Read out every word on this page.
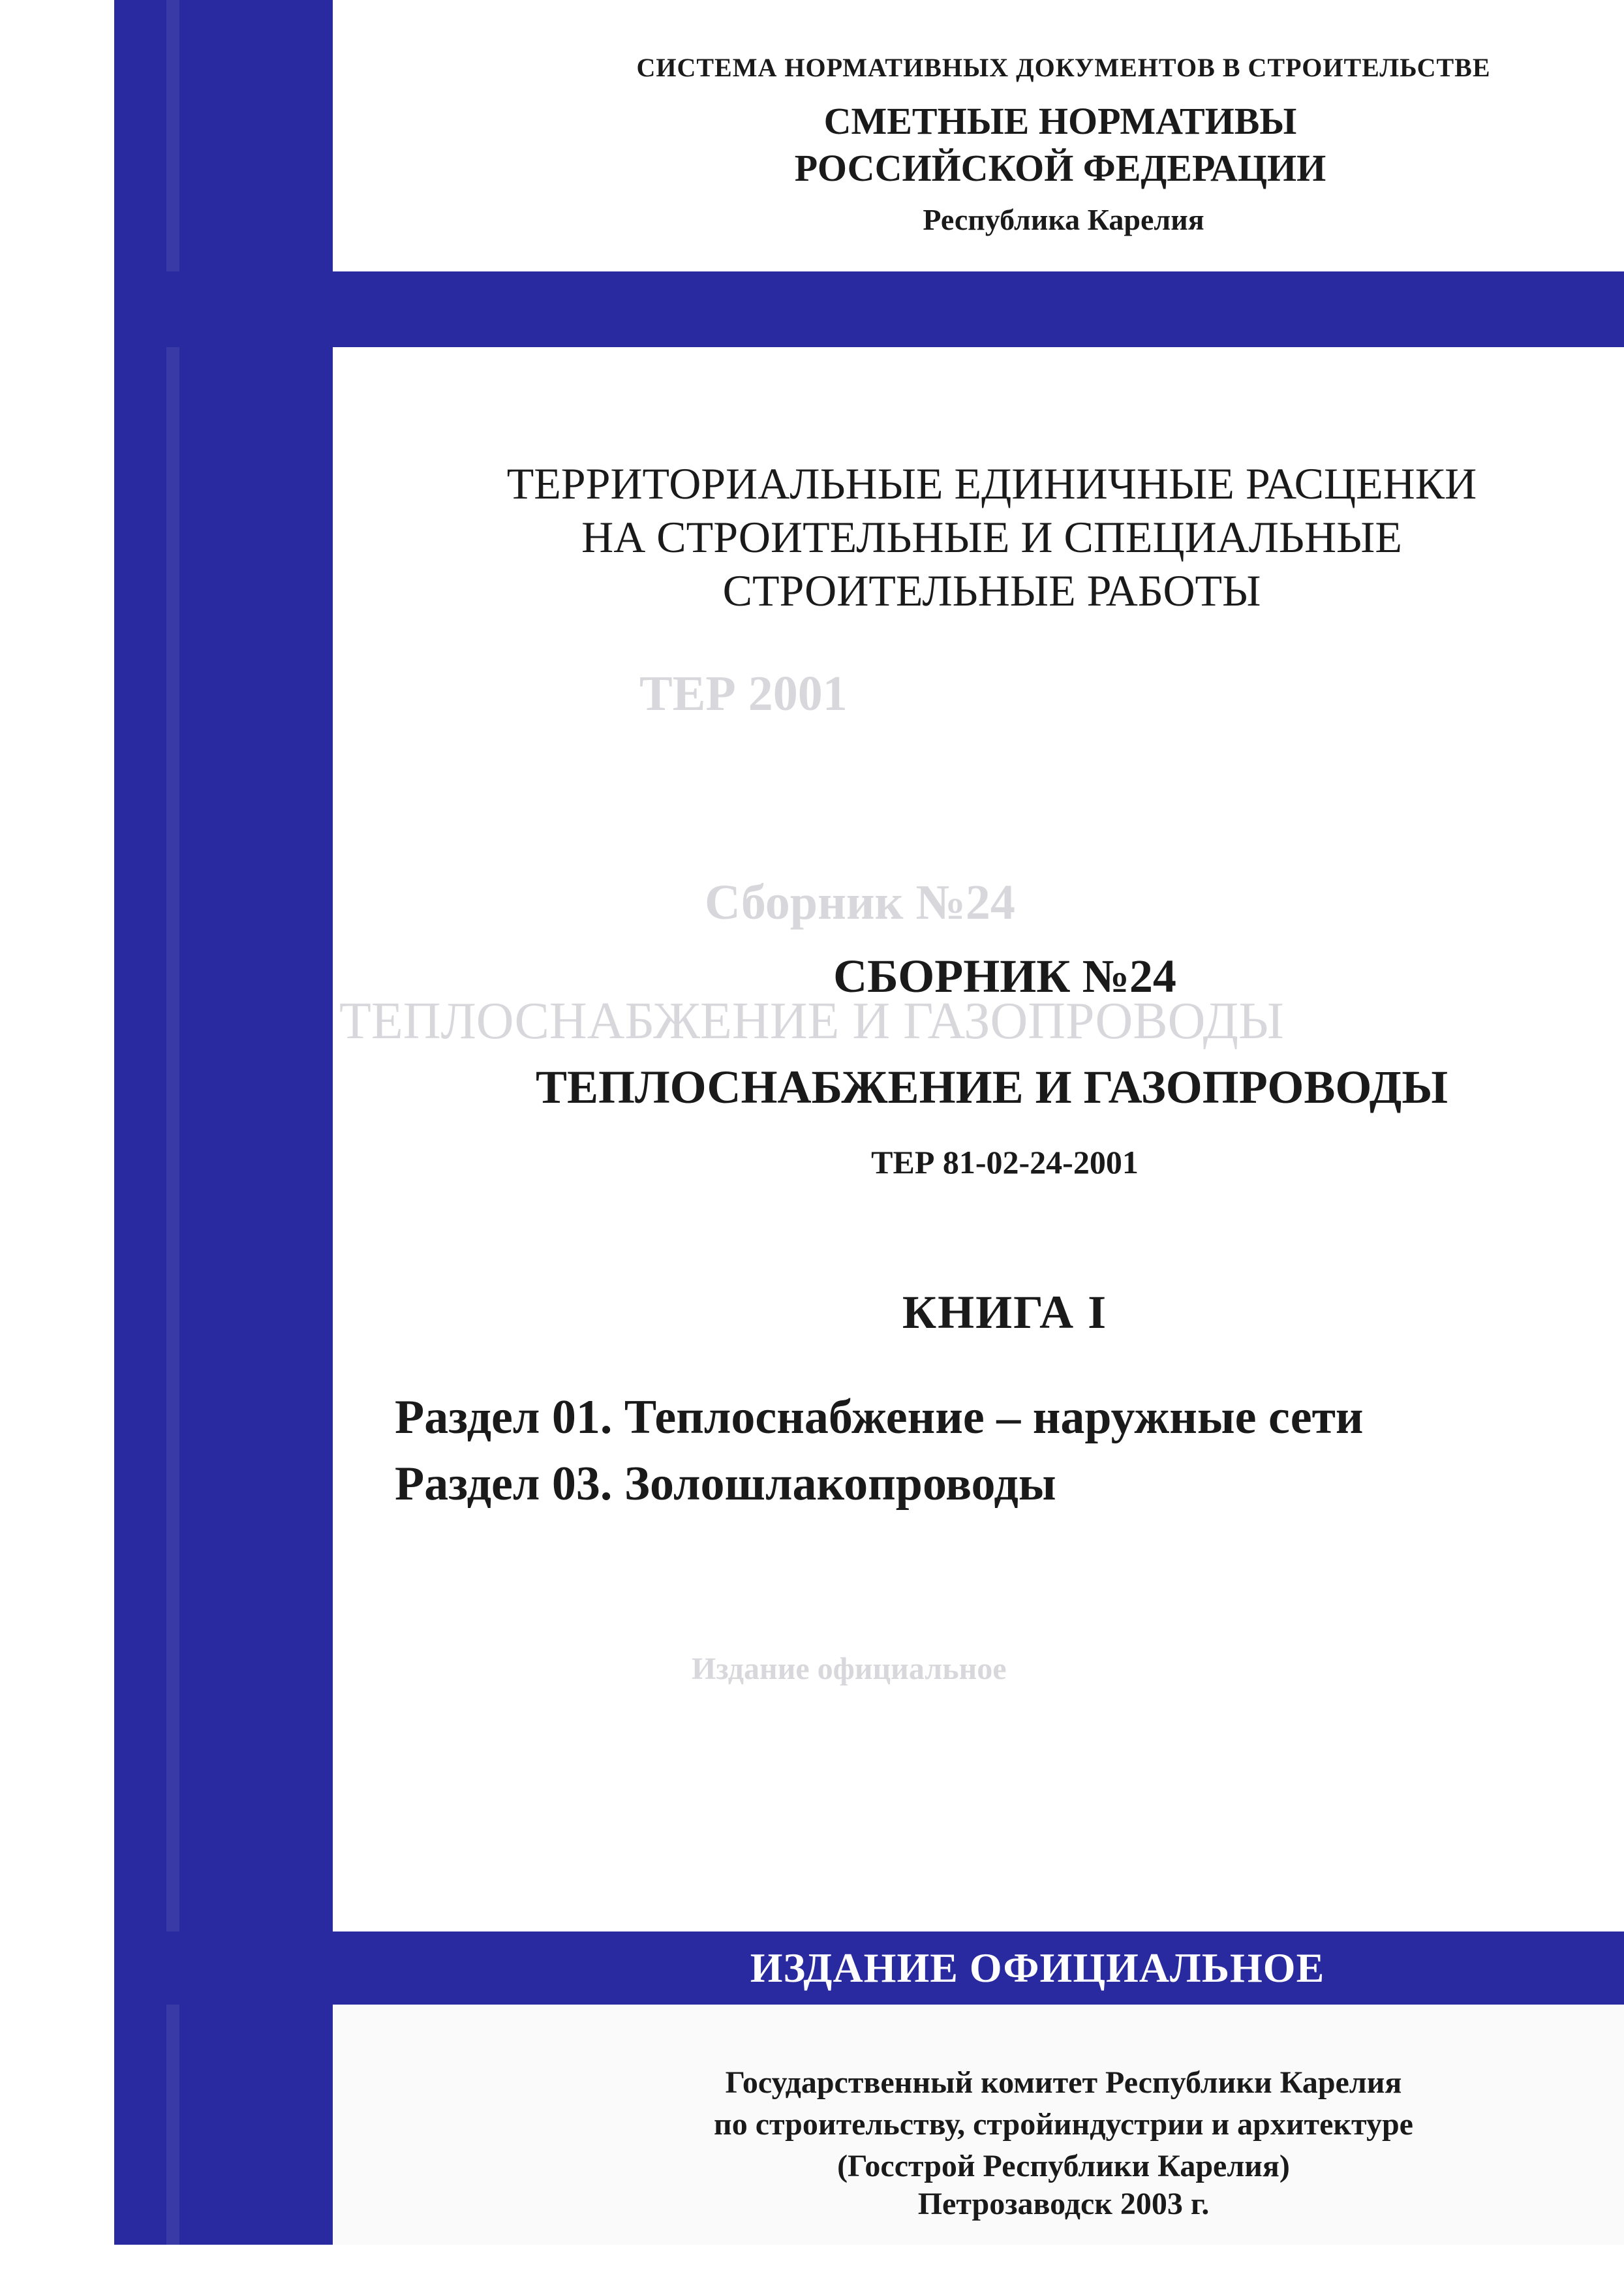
ТЕР 2001
Сборник №24
ТЕПЛОСНАБЖЕНИЕ И ГАЗОПРОВОДЫ
Издание официальное
СИСТЕМА НОРМАТИВНЫХ ДОКУМЕНТОВ В СТРОИТЕЛЬСТВЕ
СМЕТНЫЕ НОРМАТИВЫ
РОССИЙСКОЙ ФЕДЕРАЦИИ
Республика Карелия
ТЕРРИТОРИАЛЬНЫЕ ЕДИНИЧНЫЕ РАСЦЕНКИ
НА СТРОИТЕЛЬНЫЕ И СПЕЦИАЛЬНЫЕ
СТРОИТЕЛЬНЫЕ РАБОТЫ
СБОРНИК №24
ТЕПЛОСНАБЖЕНИЕ И ГАЗОПРОВОДЫ
ТЕР 81-02-24-2001
КНИГА I
Раздел 01. Теплоснабжение – наружные сети
Раздел 03. Золошлакопроводы
ИЗДАНИЕ ОФИЦИАЛЬНОЕ
Государственный комитет Республики Карелия
по строительству, стройиндустрии и архитектуре
(Госстрой Республики Карелия)
Петрозаводск 2003 г.
